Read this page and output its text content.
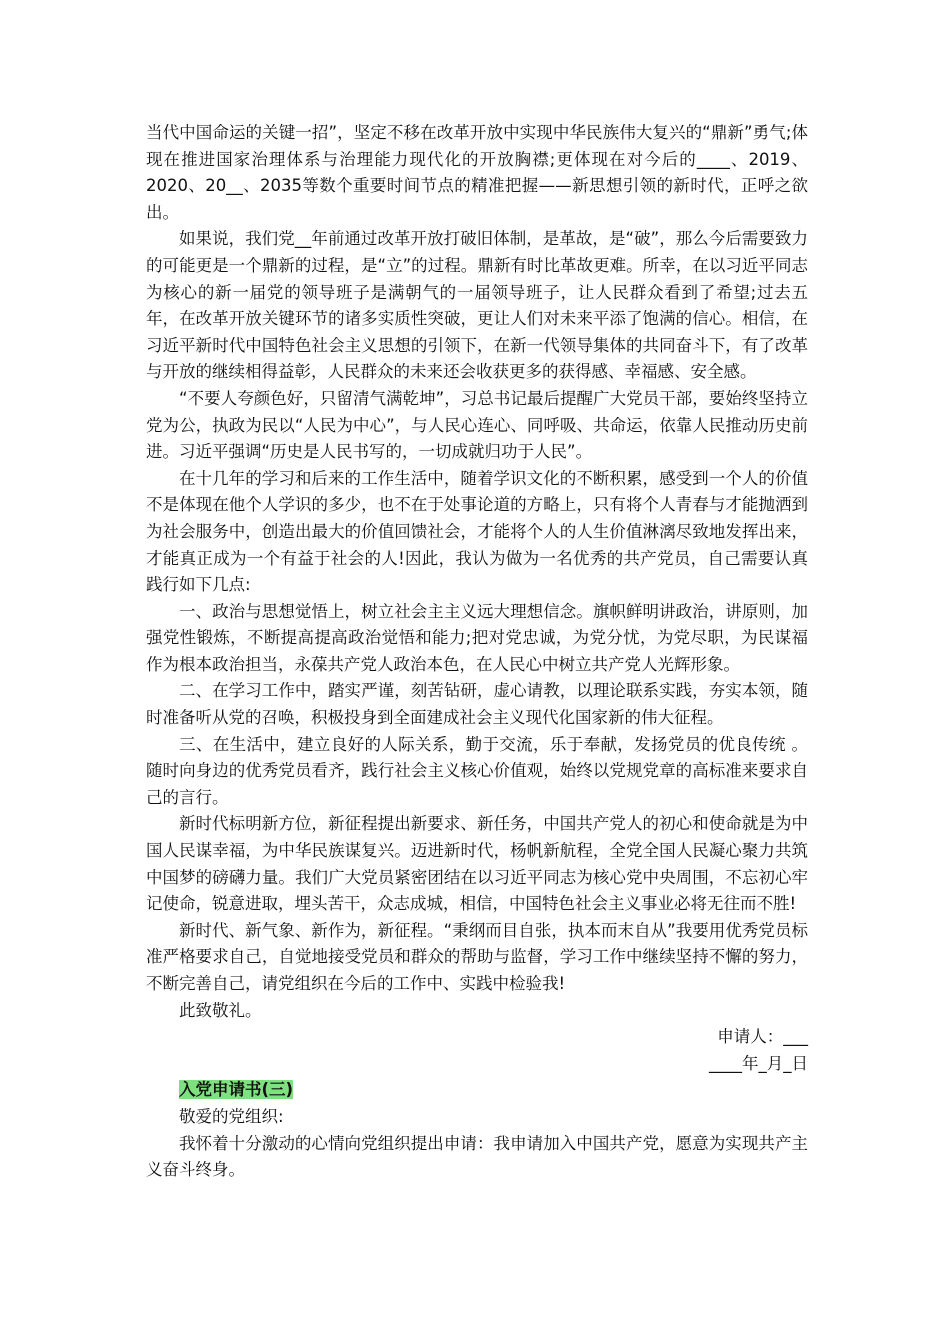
当代中国命运的关键一招”，坚定不移在改革开放中实现中华民族伟大复兴的“鼎新”勇气;体现在推进国家治理体系与治理能力现代化的开放胸襟;更体现在对今后的____、2019、2020、20__、2035等数个重要时间节点的精准把握——新思想引领的新时代，正呼之欲出。

如果说，我们党__年前通过改革开放打破旧体制，是革故，是“破”，那么今后需要致力的可能更是一个鼎新的过程，是“立”的过程。鼎新有时比革故更难。所幸，在以习近平同志为核心的新一届党的领导班子是满朝气的一届领导班子，让人民群众看到了希望;过去五年，在改革开放关键环节的诸多实质性突破，更让人们对未来平添了饱满的信心。相信，在习近平新时代中国特色社会主义思想的引领下，在新一代领导集体的共同奋斗下，有了改革与开放的继续相得益彰，人民群众的未来还会收获更多的获得感、幸福感、安全感。

“不要人夸颜色好，只留清气满乾坤”，习总书记最后提醒广大党员干部，要始终坚持立党为公，执政为民以“人民为中心”，与人民心连心、同呼吸、共命运，依靠人民推动历史前进。习近平强调“历史是人民书写的，一切成就归功于人民”。

在十几年的学习和后来的工作生活中，随着学识文化的不断积累，感受到一个人的价值不是体现在他个人学识的多少，也不在于处事论道的方略上，只有将个人青春与才能抛洒到为社会服务中，创造出最大的价值回馈社会，才能将个人的人生价值淋漓尽致地发挥出来，才能真正成为一个有益于社会的人!因此，我认为做为一名优秀的共产党员，自己需要认真践行如下几点:

一、政治与思想觉悟上，树立社会主主义远大理想信念。旗帜鲜明讲政治，讲原则，加强党性锻炼，不断提高提高政治觉悟和能力;把对党忠诚，为党分忧，为党尽职，为民谋福作为根本政治担当，永葆共产党人政治本色，在人民心中树立共产党人光辉形象。

二、在学习工作中，踏实严谨，刻苦钻研，虚心请教，以理论联系实践，夯实本领，随时准备听从党的召唤，积极投身到全面建成社会主义现代化国家新的伟大征程。

三、在生活中，建立良好的人际关系，勤于交流，乐于奉献，发扬党员的优良传统 。随时向身边的优秀党员看齐，践行社会主义核心价值观，始终以党规党章的高标准来要求自己的言行。

新时代标明新方位，新征程提出新要求、新任务，中国共产党人的初心和使命就是为中国人民谋幸福，为中华民族谋复兴。迈进新时代，杨帆新航程，全党全国人民凝心聚力共筑中国梦的磅礴力量。我们广大党员紧密团结在以习近平同志为核心党中央周围，不忘初心牢记使命，锐意进取，埋头苦干，众志成城，相信，中国特色社会主义事业必将无往而不胜!

新时代、新气象、新作为，新征程。“秉纲而目自张，执本而末自从”我要用优秀党员标准严格要求自己，自觉地接受党员和群众的帮助与监督，学习工作中继续坚持不懈的努力，不断完善自己，请党组织在今后的工作中、实践中检验我!

此致敬礼。

申请人：___

____年_月_日

入党申请书(三)

敬爱的党组织:

我怀着十分激动的心情向党组织提出申请：我申请加入中国共产党，愿意为实现共产主义奋斗终身。
